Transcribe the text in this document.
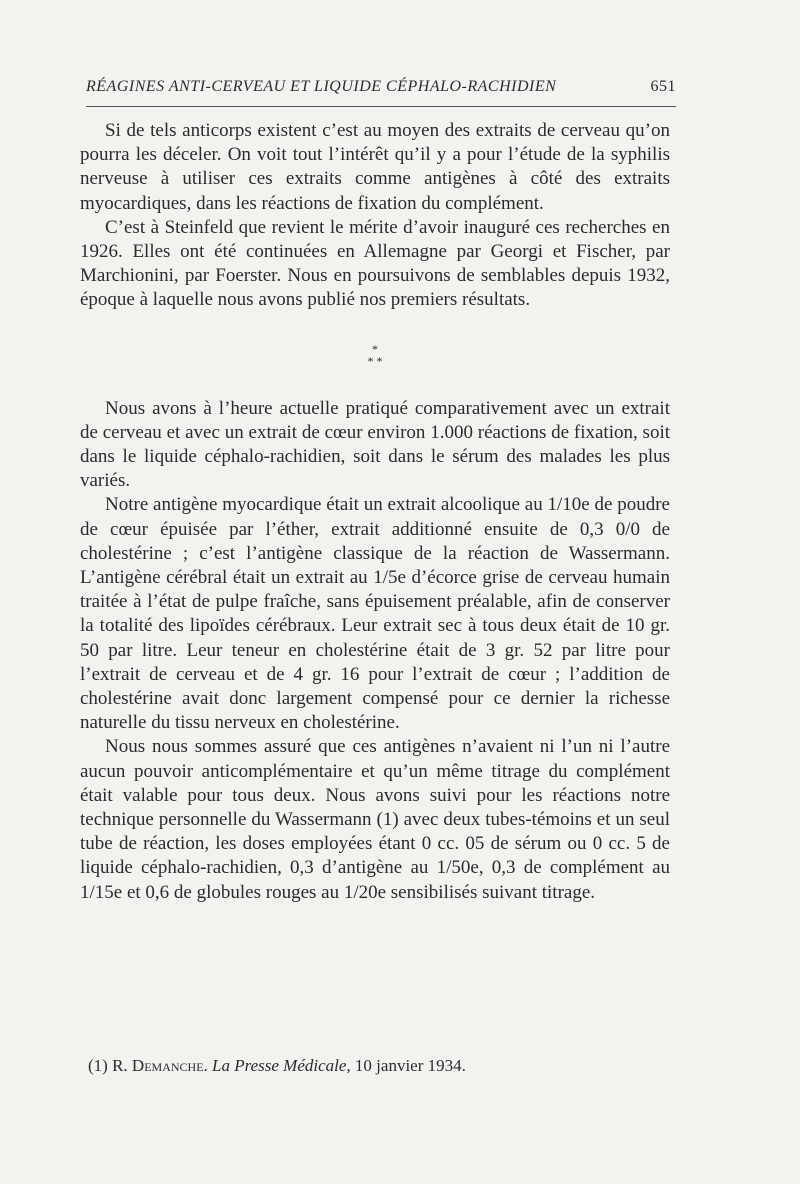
RÉAGINES ANTI-CERVEAU ET LIQUIDE CÉPHALO-RACHIDIEN	651

Si de tels anticorps existent c’est au moyen des extraits de cerveau qu’on pourra les déceler. On voit tout l’intérêt qu’il y a pour l’étude de la syphilis nerveuse à utiliser ces extraits comme antigènes à côté des extraits myocardiques, dans les réactions de fixation du complément.

C’est à Steinfeld que revient le mérite d’avoir inauguré ces recherches en 1926. Elles ont été continuées en Allemagne par Georgi et Fischer, par Marchionini, par Foerster. Nous en poursuivons de semblables depuis 1932, époque à laquelle nous avons publié nos premiers résultats.

*
* *

Nous avons à l’heure actuelle pratiqué comparativement avec un extrait de cerveau et avec un extrait de cœur environ 1.000 réactions de fixation, soit dans le liquide céphalo-rachidien, soit dans le sérum des malades les plus variés.

Notre antigène myocardique était un extrait alcoolique au 1/10e de poudre de cœur épuisée par l’éther, extrait additionné ensuite de 0,3 0/0 de cholestérine ; c’est l’antigène classique de la réaction de Wassermann. L’antigène cérébral était un extrait au 1/5e d’écorce grise de cerveau humain traitée à l’état de pulpe fraîche, sans épuisement préalable, afin de conserver la totalité des lipoïdes cérébraux. Leur extrait sec à tous deux était de 10 gr. 50 par litre. Leur teneur en cholestérine était de 3 gr. 52 par litre pour l’extrait de cerveau et de 4 gr. 16 pour l’extrait de cœur ; l’addition de cholestérine avait donc largement compensé pour ce dernier la richesse naturelle du tissu nerveux en cholestérine.

Nous nous sommes assuré que ces antigènes n’avaient ni l’un ni l’autre aucun pouvoir anticomplémentaire et qu’un même titrage du complément était valable pour tous deux. Nous avons suivi pour les réactions notre technique personnelle du Wassermann (1) avec deux tubes-témoins et un seul tube de réaction, les doses employées étant 0 cc. 05 de sérum ou 0 cc. 5 de liquide céphalo-rachidien, 0,3 d’antigène au 1/50e, 0,3 de complément au 1/15e et 0,6 de globules rouges au 1/20e sensibilisés suivant titrage.

(1) R. Demanche. La Presse Médicale, 10 janvier 1934.
